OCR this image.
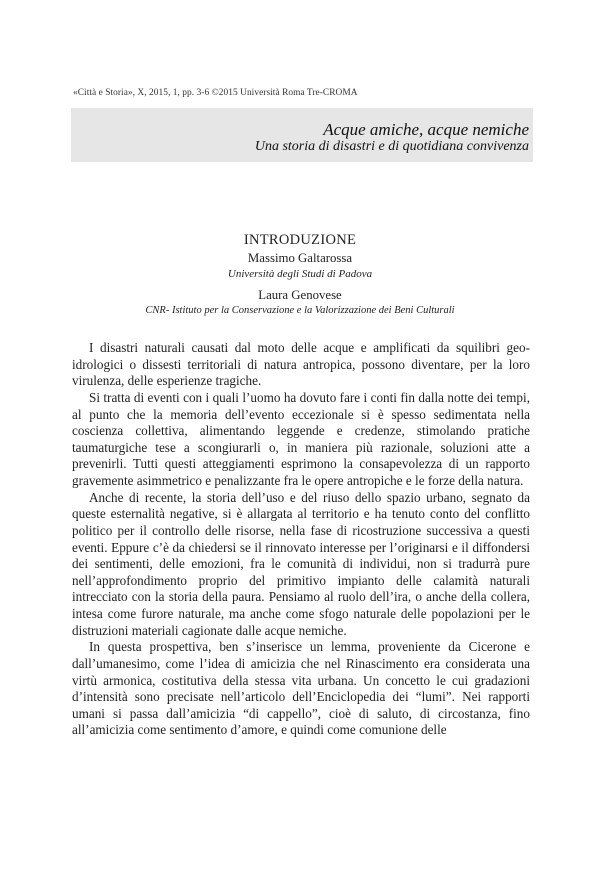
«Città e Storia», X, 2015, 1, pp. 3-6 ©2015 Università Roma Tre-CROMA
Acque amiche, acque nemiche
Una storia di disastri e di quotidiana convivenza
INTRODUZIONE
Massimo Galtarossa
Università degli Studi di Padova
Laura Genovese
CNR- Istituto per la Conservazione e la Valorizzazione dei Beni Culturali

I disastri naturali causati dal moto delle acque e amplificati da squilibri geoidrologici o dissesti territoriali di natura antropica, possono diventare, per la loro virulenza, delle esperienze tragiche.

Si tratta di eventi con i quali l’uomo ha dovuto fare i conti fin dalla notte dei tempi, al punto che la memoria dell’evento eccezionale si è spesso sedimentata nella coscienza collettiva, alimentando leggende e credenze, stimolando pratiche taumaturgiche tese a scongiurarli o, in maniera più razionale, soluzioni atte a prevenirli. Tutti questi atteggiamenti esprimono la consapevolezza di un rapporto gravemente asimmetrico e penalizzante fra le opere antropiche e le forze della natura.

Anche di recente, la storia dell’uso e del riuso dello spazio urbano, segnato da queste esternalità negative, si è allargata al territorio e ha tenuto conto del conflitto politico per il controllo delle risorse, nella fase di ricostruzione successiva a questi eventi. Eppure c’è da chiedersi se il rinnovato interesse per l’originarsi e il diffondersi dei sentimenti, delle emozioni, fra le comunità di individui, non si tradurrà pure nell’approfondimento proprio del primitivo impianto delle calamità naturali intrecciato con la storia della paura. Pensiamo al ruolo dell’ira, o anche della collera, intesa come furore naturale, ma anche come sfogo naturale delle popolazioni per le distruzioni materiali cagionate dalle acque nemiche.

In questa prospettiva, ben s’inserisce un lemma, proveniente da Cicerone e dall’umanesimo, come l’idea di amicizia che nel Rinascimento era considerata una virtù armonica, costitutiva della stessa vita urbana. Un concetto le cui gradazioni d’intensità sono precisate nell’articolo dell’Enciclopedia dei “lumi”. Nei rapporti umani si passa dall’amicizia “di cappello”, cioè di saluto, di circostanza, fino all’amicizia come sentimento d’amore, e quindi come comunione delle
